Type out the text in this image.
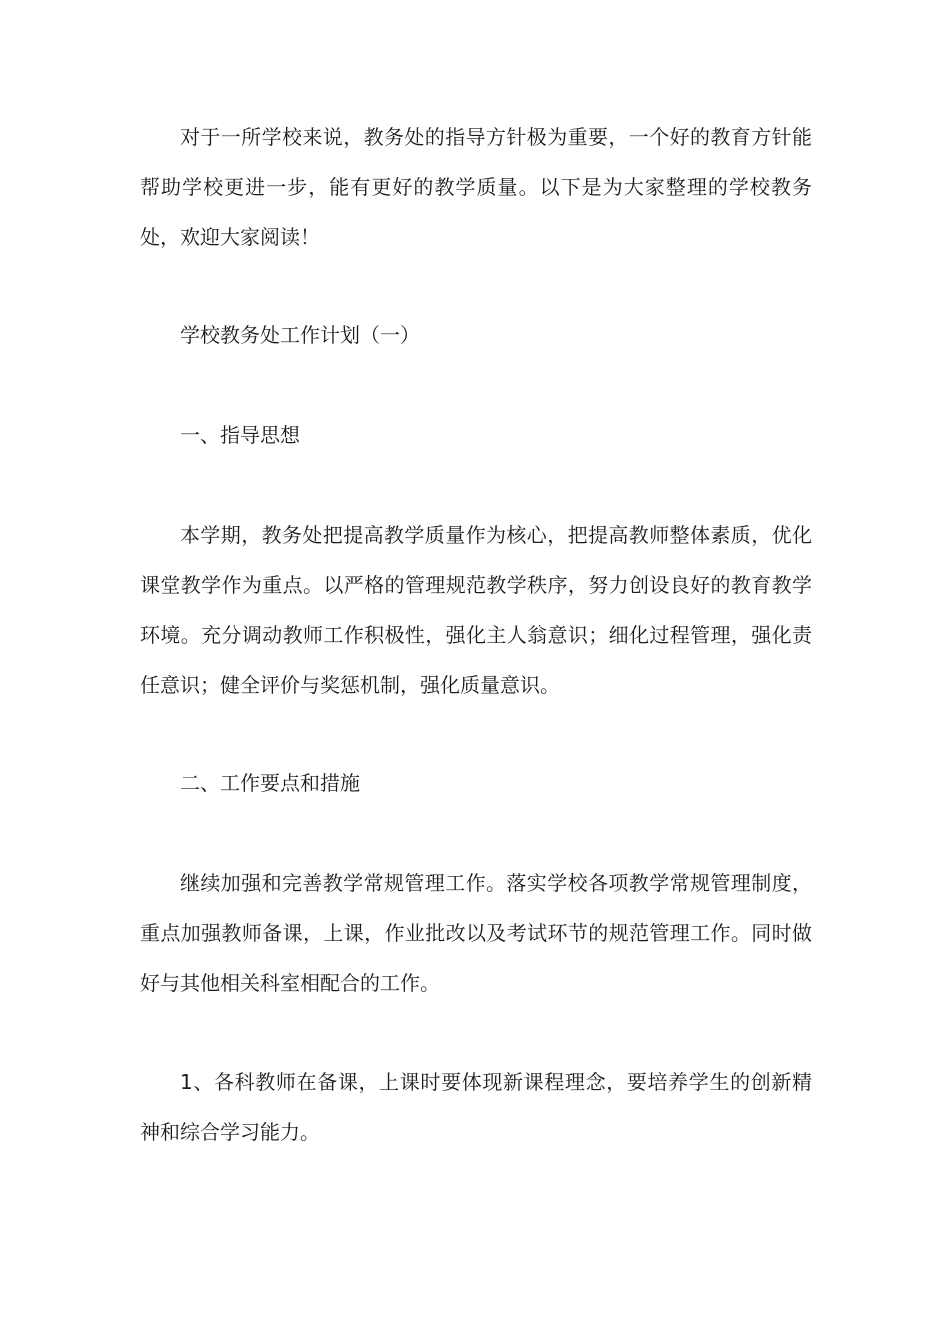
对于一所学校来说，教务处的指导方针极为重要，一个好的教育方针能帮助学校更进一步，能有更好的教学质量。以下是为大家整理的学校教务处，欢迎大家阅读！

学校教务处工作计划（一）

一、指导思想

本学期，教务处把提高教学质量作为核心，把提高教师整体素质，优化课堂教学作为重点。以严格的管理规范教学秩序，努力创设良好的教育教学环境。充分调动教师工作积极性，强化主人翁意识；细化过程管理，强化责任意识；健全评价与奖惩机制，强化质量意识。

二、工作要点和措施

继续加强和完善教学常规管理工作。落实学校各项教学常规管理制度，重点加强教师备课，上课，作业批改以及考试环节的规范管理工作。同时做好与其他相关科室相配合的工作。

1、各科教师在备课，上课时要体现新课程理念，要培养学生的创新精神和综合学习能力。
